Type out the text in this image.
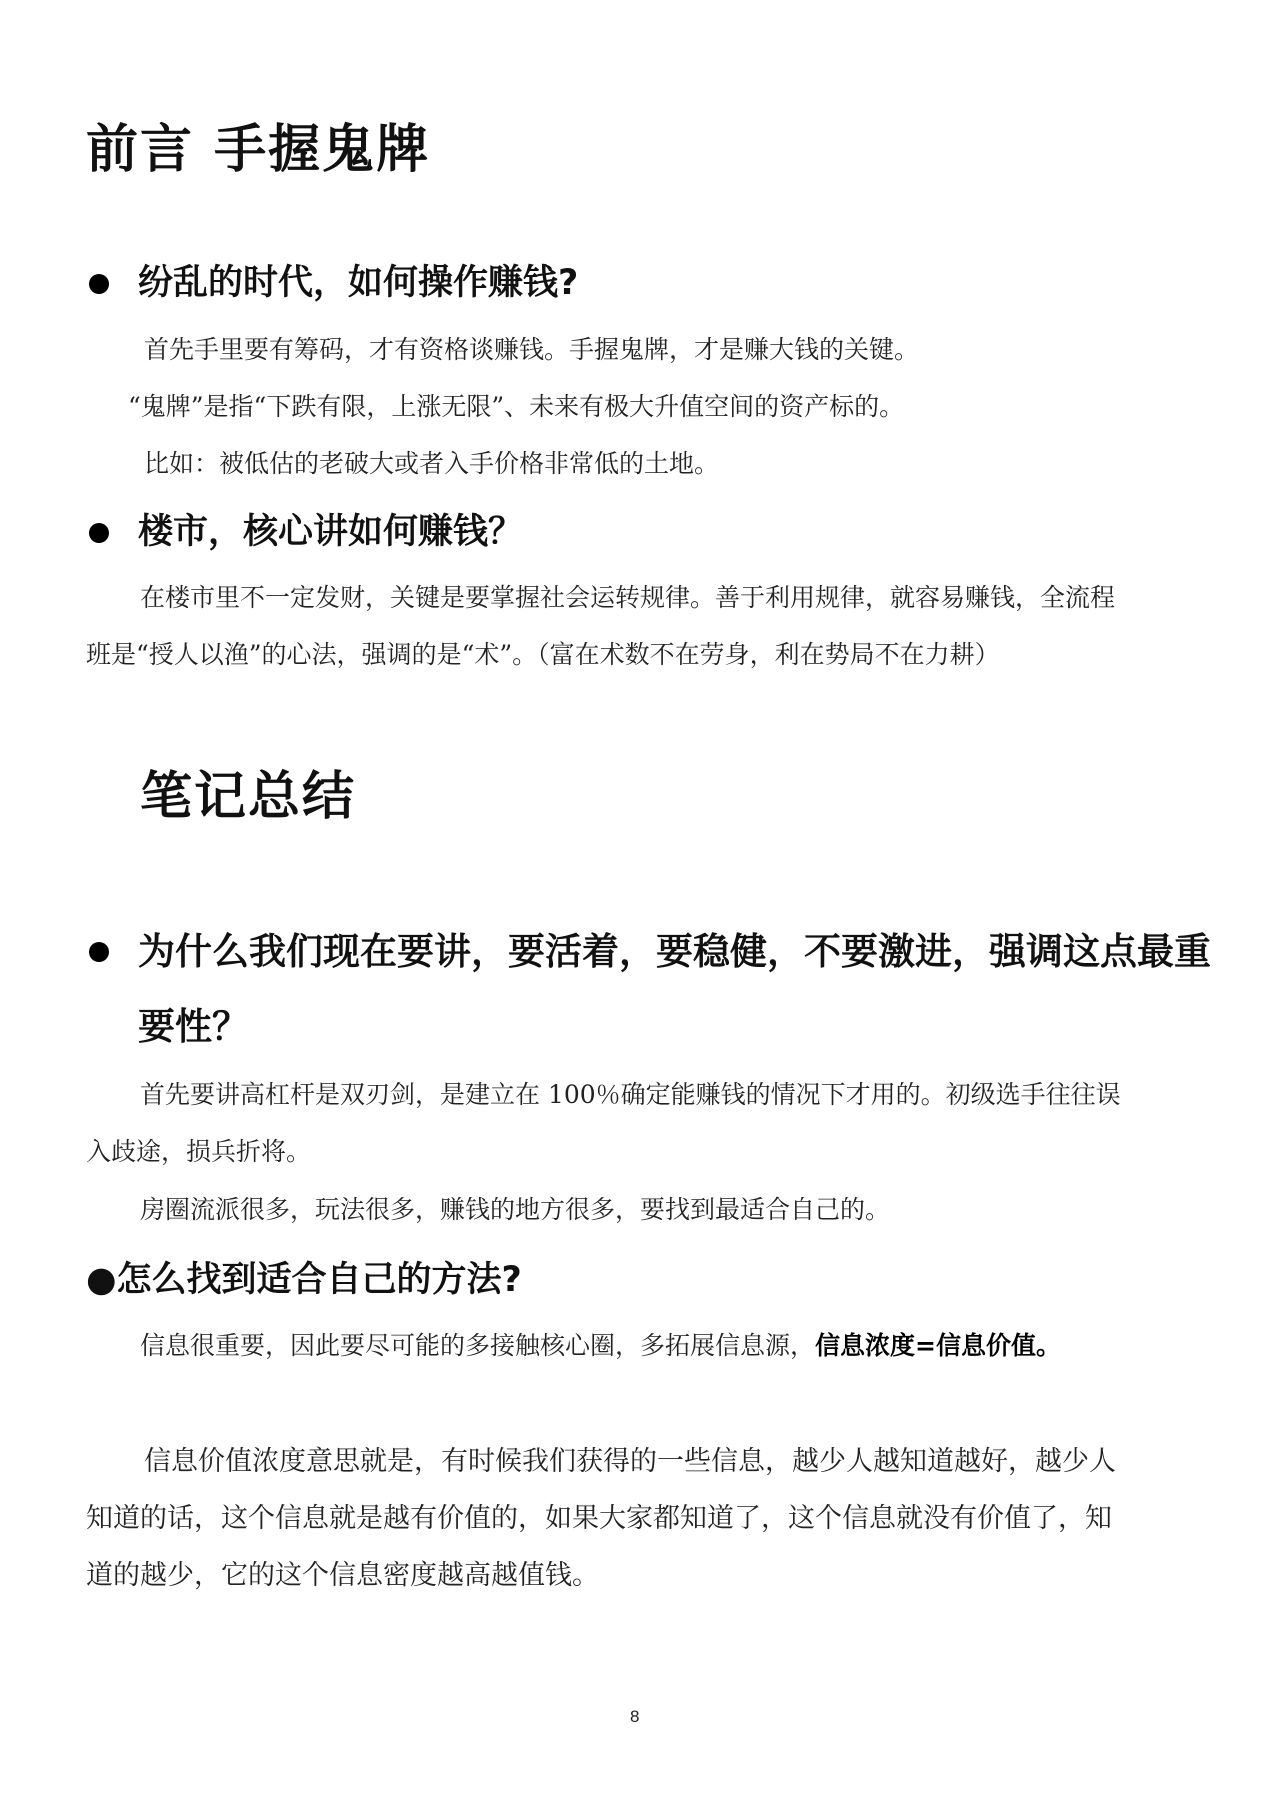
前言 手握鬼牌
纷乱的时代，如何操作赚钱?
首先手里要有筹码，才有资格谈赚钱。手握鬼牌，才是赚大钱的关键。
“鬼牌”是指“下跌有限，上涨无限”、未来有极大升值空间的资产标的。
比如：被低估的老破大或者入手价格非常低的土地。
楼市，核心讲如何赚钱？
在楼市里不一定发财，关键是要掌握社会运转规律。善于利用规律，就容易赚钱，全流程
班是“授人以渔”的心法，强调的是“术”。（富在术数不在劳身，利在势局不在力耕）
笔记总结
为什么我们现在要讲，要活着，要稳健，不要激进，强调这点最重
要性？
首先要讲高杠杆是双刃剑，是建立在 100％确定能赚钱的情况下才用的。初级选手往往误
入歧途，损兵折将。
房圈流派很多，玩法很多，赚钱的地方很多，要找到最适合自己的。
●怎么找到适合自己的方法?
信息很重要，因此要尽可能的多接触核心圈，多拓展信息源，信息浓度=信息价值。
信息价值浓度意思就是，有时候我们获得的一些信息，越少人越知道越好，越少人
知道的话，这个信息就是越有价值的，如果大家都知道了，这个信息就没有价值了，知
道的越少，它的这个信息密度越高越值钱。
8
